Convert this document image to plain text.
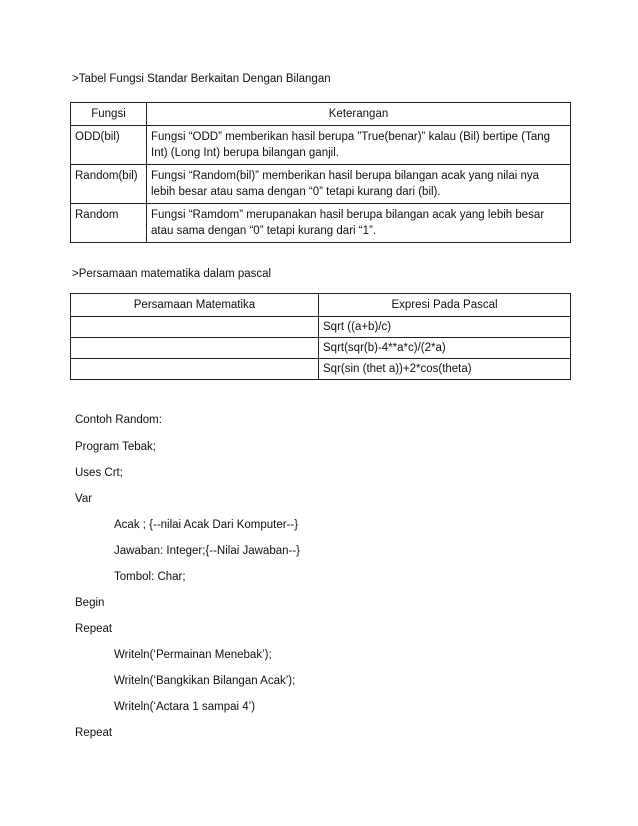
>Tabel Fungsi Standar Berkaitan Dengan Bilangan
Fungsi	Keterangan
ODD(bil)	Fungsi “ODD” memberikan hasil berupa ”True(benar)” kalau (Bil) bertipe (Tang Int) (Long Int) berupa bilangan ganjil.
Random(bil)	Fungsi “Random(bil)” memberikan hasil berupa bilangan acak yang nilai nya lebih besar atau sama dengan “0” tetapi kurang dari (bil).
Random	Fungsi “Ramdom” merupanakan hasil berupa bilangan acak yang lebih besar atau sama dengan “0” tetapi kurang dari “1”.
>Persamaan matematika dalam pascal
Persamaan Matematika	Expresi Pada Pascal
	Sqrt ((a+b)/c)
	Sqrt(sqr(b)-4**a*c)/(2*a)
	Sqr(sin (thet a))+2*cos(theta)
Contoh Random:
Program Tebak;
Uses Crt;
Var
Acak ; {--nilai Acak Dari Komputer--}
Jawaban: Integer;{--Nilai Jawaban--}
Tombol: Char;
Begin
Repeat
Writeln(‘Permainan Menebak’);
Writeln(‘Bangkikan Bilangan Acak’);
Writeln(‘Actara 1 sampai 4’)
Repeat
